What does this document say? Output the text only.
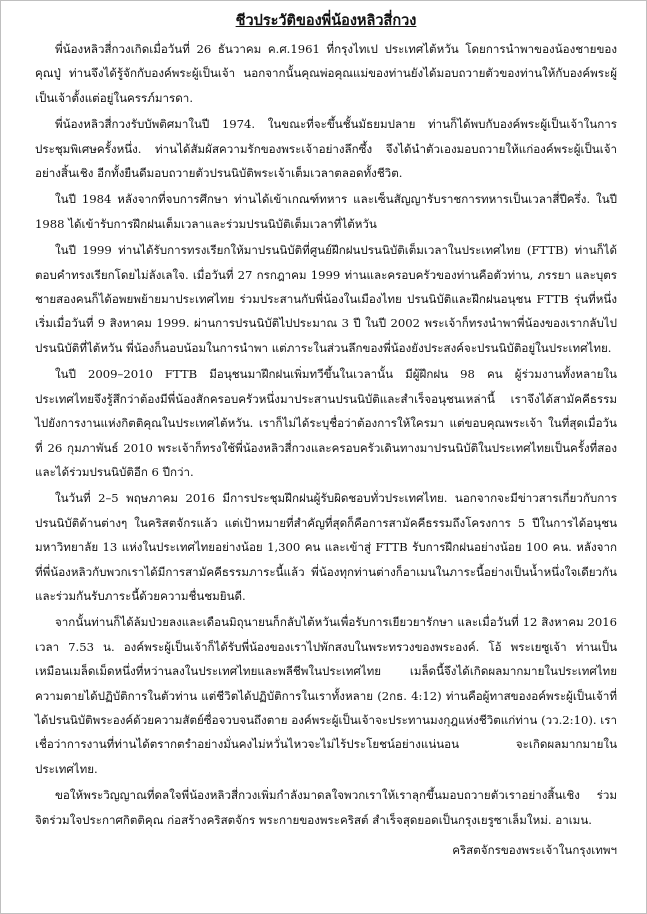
ชีวประวัติของพี่น้องหลิวสี่กวง

พี่น้องหลิวสี่กวงเกิดเมื่อวันที่ 26 ธันวาคม ค.ศ.1961 ที่กรุงไทเป ประเทศไต้หวัน โดยการนำพาของน้องชายของคุณปู่ ท่านจึงได้รู้จักกับองค์พระผู้เป็นเจ้า นอกจากนั้นคุณพ่อคุณแม่ของท่านยังได้มอบถวายตัวของท่านให้กับองค์พระผู้เป็นเจ้าตั้งแต่อยู่ในครรภ์มารดา.

พี่น้องหลิวสี่กวงรับบัพติศมาในปี 1974. ในขณะที่จะขึ้นชั้นมัธยมปลาย ท่านก็ได้พบกับองค์พระผู้เป็นเจ้าในการประชุมพิเศษครั้งหนึ่ง. ท่านได้สัมผัสความรักของพระเจ้าอย่างลึกซึ้ง จึงได้นำตัวเองมอบถวายให้แก่องค์พระผู้เป็นเจ้าอย่างสิ้นเชิง อีกทั้งยืนดีมอบถวายตัวปรนนิบัติพระเจ้าเต็มเวลาตลอดทั้งชีวิต.

ในปี 1984 หลังจากที่จบการศึกษา ท่านได้เข้าเกณฑ์ทหาร และเซ็นสัญญารับราชการทหารเป็นเวลาสี่ปีครึ่ง. ในปี 1988 ได้เข้ารับการฝึกฝนเต็มเวลาและร่วมปรนนิบัติเต็มเวลาที่ไต้หวัน

ในปี 1999 ท่านได้รับการทรงเรียกให้มาปรนนิบัติที่ศูนย์ฝึกฝนปรนนิบัติเต็มเวลาในประเทศไทย (FTTB) ท่านก็ได้ตอบคำทรงเรียกโดยไม่ลังเลใจ. เมื่อวันที่ 27 กรกฎาคม 1999 ท่านและครอบครัวของท่านคือตัวท่าน, ภรรยา และบุตรชายสองคนก็ได้อพยพย้ายมาประเทศไทย ร่วมประสานกับพี่น้องในเมืองไทย ปรนนิบัติและฝึกฝนอนุชน FTTB รุ่นที่หนึ่งเริ่มเมื่อวันที่ 9 สิงหาคม 1999. ผ่านการปรนนิบัติไปประมาณ 3 ปี ในปี 2002 พระเจ้าก็ทรงนำพาพี่น้องของเรากลับไปปรนนิบัติที่ไต้หวัน พี่น้องก็นอบน้อมในการนำพา แต่ภาระในส่วนลึกของพี่น้องยังประสงค์จะปรนนิบัติอยู่ในประเทศไทย.

ในปี 2009–2010 FTTB มีอนุชนมาฝึกฝนเพิ่มทวีขึ้นในเวลานั้น มีผู้ฝึกฝน 98 คน ผู้ร่วมงานทั้งหลายในประเทศไทยจึงรู้สึกว่าต้องมีพี่น้องสักครอบครัวหนึ่งมาประสานปรนนิบัติและสำเร็จอนุชนเหล่านี้ เราจึงได้สามัคคีธรรมไปยังการงานแห่งกิตติคุณในประเทศไต้หวัน. เราก็ไม่ได้ระบุชื่อว่าต้องการให้ใครมา แต่ขอบคุณพระเจ้า ในที่สุดเมื่อวันที่ 26 กุมภาพันธ์ 2010 พระเจ้าก็ทรงใช้พี่น้องหลิวสี่กวงและครอบครัวเดินทางมาปรนนิบัติในประเทศไทยเป็นครั้งที่สอง และได้ร่วมปรนนิบัติอีก 6 ปีกว่า.

ในวันที่ 2–5 พฤษภาคม 2016 มีการประชุมฝึกฝนผู้รับผิดชอบทั่วประเทศไทย. นอกจากจะมีข่าวสารเกี่ยวกับการปรนนิบัติด้านต่างๆ ในคริสตจักรแล้ว แต่เป้าหมายที่สำคัญที่สุดก็คือการสามัคคีธรรมถึงโครงการ 5 ปีในการได้อนุชนมหาวิทยาลัย 13 แห่งในประเทศไทยอย่างน้อย 1,300 คน และเข้าสู่ FTTB รับการฝึกฝนอย่างน้อย 100 คน. หลังจากที่พี่น้องหลิวกับพวกเราได้มีการสามัคคีธรรมภาระนี้แล้ว พี่น้องทุกท่านต่างก็อาเมนในภาระนี้อย่างเป็นน้ำหนึ่งใจเดียวกันและร่วมกันรับภาระนี้ด้วยความชื่นชมยินดี.

จากนั้นท่านก็ได้ล้มป่วยลงและเดือนมิถุนายนก็กลับไต้หวันเพื่อรับการเยียวยารักษา และเมื่อวันที่ 12 สิงหาคม 2016 เวลา 7.53 น. องค์พระผู้เป็นเจ้าก็ได้รับพี่น้องของเราไปพักสงบในพระทรวงของพระองค์. โอ้ พระเยซูเจ้า ท่านเป็นเหมือนเมล็ดเม็ดหนึ่งที่หว่านลงในประเทศไทยและพลีชีพในประเทศไทย เมล็ดนี้จึงได้เกิดผลมากมายในประเทศไทย ความตายได้ปฏิบัติการในตัวท่าน แต่ชีวิตได้ปฏิบัติการในเราทั้งหลาย (2กธ. 4:12) ท่านคือผู้ทาสของอค์พระผู้เป็นเจ้าที่ได้ปรนนิบัติพระองค์ด้วยความสัตย์ซื่อจวบจนถึงตาย องค์พระผู้เป็นเจ้าจะประทานมงกุฎแห่งชีวิตแก่ท่าน (วว.2:10). เราเชื่อว่าการงานที่ท่านได้ตรากตรำอย่างมั่นคงไม่หวั่นไหวจะไม่ไร้ประโยชน์อย่างแน่นอน จะเกิดผลมากมายในประเทศไทย.

ขอให้พระวิญญาณที่ดลใจพี่น้องหลิวสี่กวงเพิ่มกำลังมาดลใจพวกเราให้เราลุกขึ้นมอบถวายตัวเราอย่างสิ้นเชิง ร่วมจิตร่วมใจประกาศกิตติคุณ ก่อสร้างคริสตจักร พระกายของพระคริสต์ สำเร็จสุดยอดเป็นกรุงเยรูซาเล็มใหม่. อาเมน.

คริสตจักรของพระเจ้าในกรุงเทพฯ
